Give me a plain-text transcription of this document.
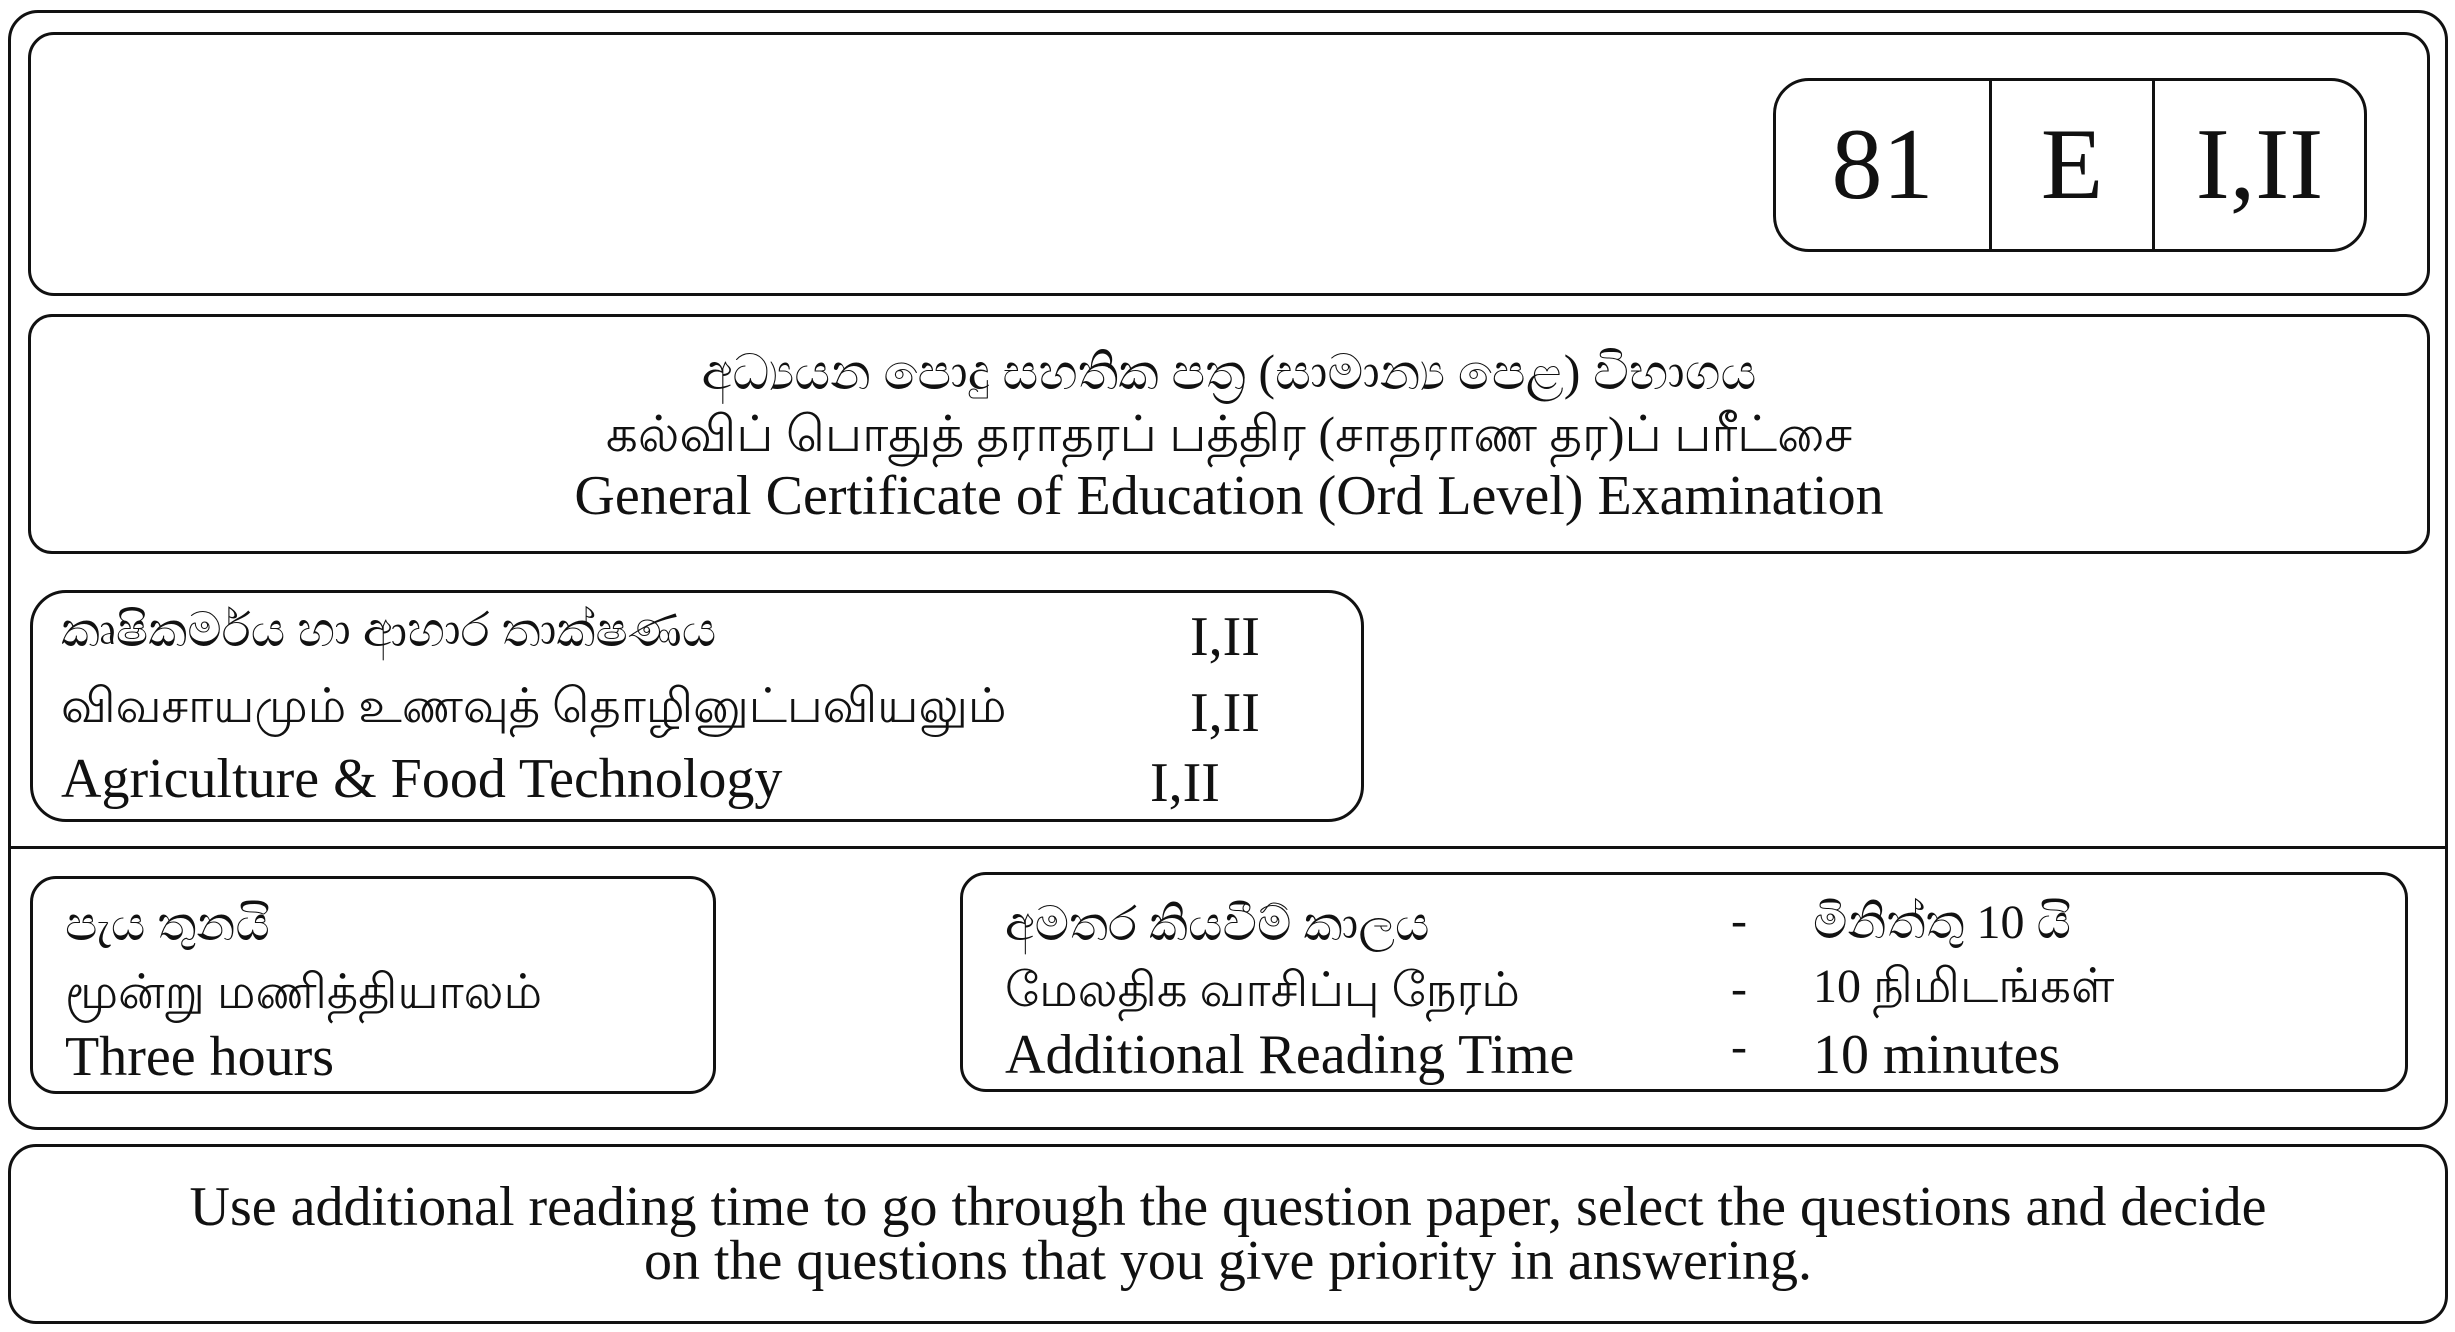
81	E I,II
අධ්‍යයන පොදු සහතික පත්‍ර (සාමාන්‍ය පෙළ) විභාගය
கல்விப் பொதுத் தராதரப் பத்திர (சாதராண தர)ப் பரீட்சை
General Certificate of Education (Ord Level) Examination
කෘෂිකර්මය හා ආහාර තාක්ෂණය	I,II
விவசாயமும் உணவுத் தொழினுட்பவியலும்	I,II
Agriculture & Food Technology	I,II
පැය තුනයි
மூன்று மணித்தியாலம்
Three hours
අමතර කියවීම් කාලය	- මිනිත්තු 10 යි
மேலதிக வாசிப்பு நேரம்	- 10 நிமிடங்கள்
Additional Reading Time	- 10 minutes
Use additional reading time to go through the question paper, select the questions and decide
on the questions that you give priority in answering.
